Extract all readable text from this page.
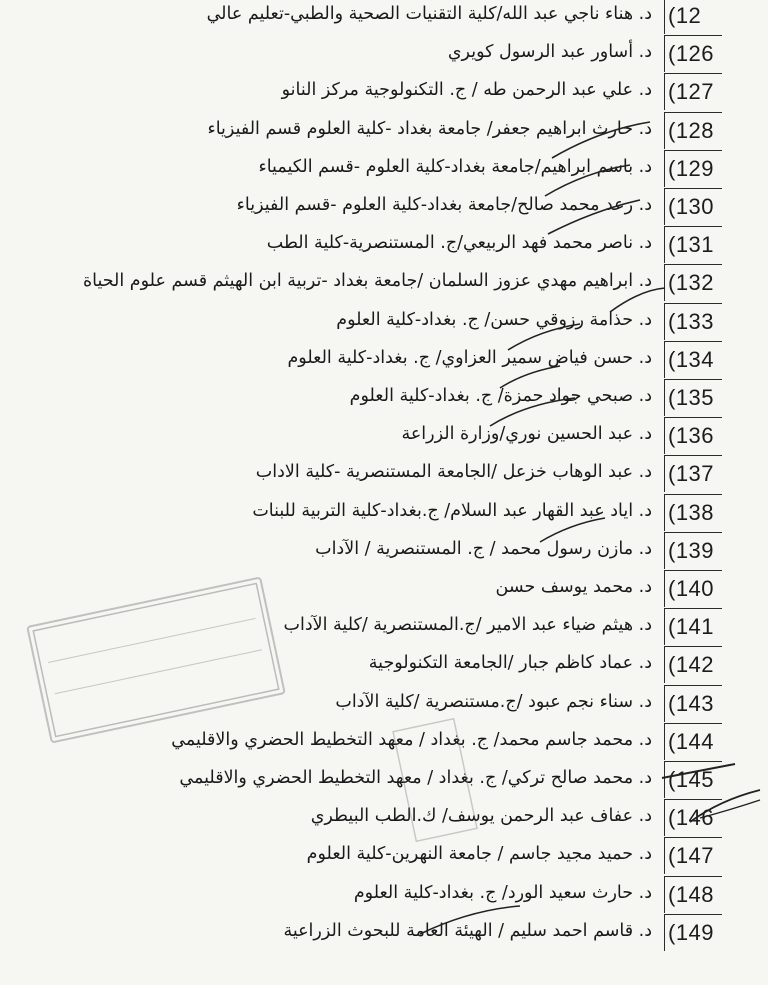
(12
د. هناء ناجي عبد الله/كلية التقنيات الصحية والطبي-تعليم عالي
(126
د. أساور عبد الرسول كويري
(127
د. علي عبد الرحمن طه / ج. التكنولوجية مركز النانو
(128
د. حارث ابراهيم جعفر/ جامعة بغداد -كلية العلوم قسم الفيزياء
(129
د. باسم ابراهيم/جامعة بغداد-كلية العلوم -قسم الكيمياء
(130
د. رعد محمد صالح/جامعة بغداد-كلية العلوم -قسم الفيزياء
(131
د. ناصر محمد فهد الربيعي/ج. المستنصرية-كلية الطب
(132
د. ابراهيم مهدي عزوز السلمان /جامعة بغداد -تربية ابن الهيثم قسم علوم الحياة
(133
د. حذامة رزوقي حسن/ ج. بغداد-كلية العلوم
(134
د. حسن فياض سمير العزاوي/ ج. بغداد-كلية العلوم
(135
د. صبحي جواد حمزة/ ج. بغداد-كلية العلوم
(136
د. عبد الحسين نوري/وزارة الزراعة
(137
د. عبد الوهاب خزعل /الجامعة المستنصرية -كلية الاداب
(138
د. اياد عبد القهار عبد السلام/ ج.بغداد-كلية التربية للبنات
(139
د. مازن رسول محمد / ج. المستنصرية / الآداب
(140
د. محمد يوسف حسن
(141
د. هيثم ضياء عبد الامير /ج.المستنصرية /كلية الآداب
(142
د. عماد كاظم جبار /الجامعة التكنولوجية
(143
د. سناء نجم عبود /ج.مستنصرية /كلية الآداب
(144
د. محمد جاسم محمد/ ج. بغداد / معهد التخطيط الحضري والاقليمي
(145
د. محمد صالح تركي/ ج. بغداد / معهد التخطيط الحضري والاقليمي
(146
د. عفاف عبد الرحمن يوسف/ ك.الطب البيطري
(147
د. حميد مجيد جاسم / جامعة النهرين-كلية العلوم
(148
د. حارث سعيد الورد/ ج. بغداد-كلية العلوم
(149
د. قاسم احمد سليم / الهيئة العامة للبحوث الزراعية
